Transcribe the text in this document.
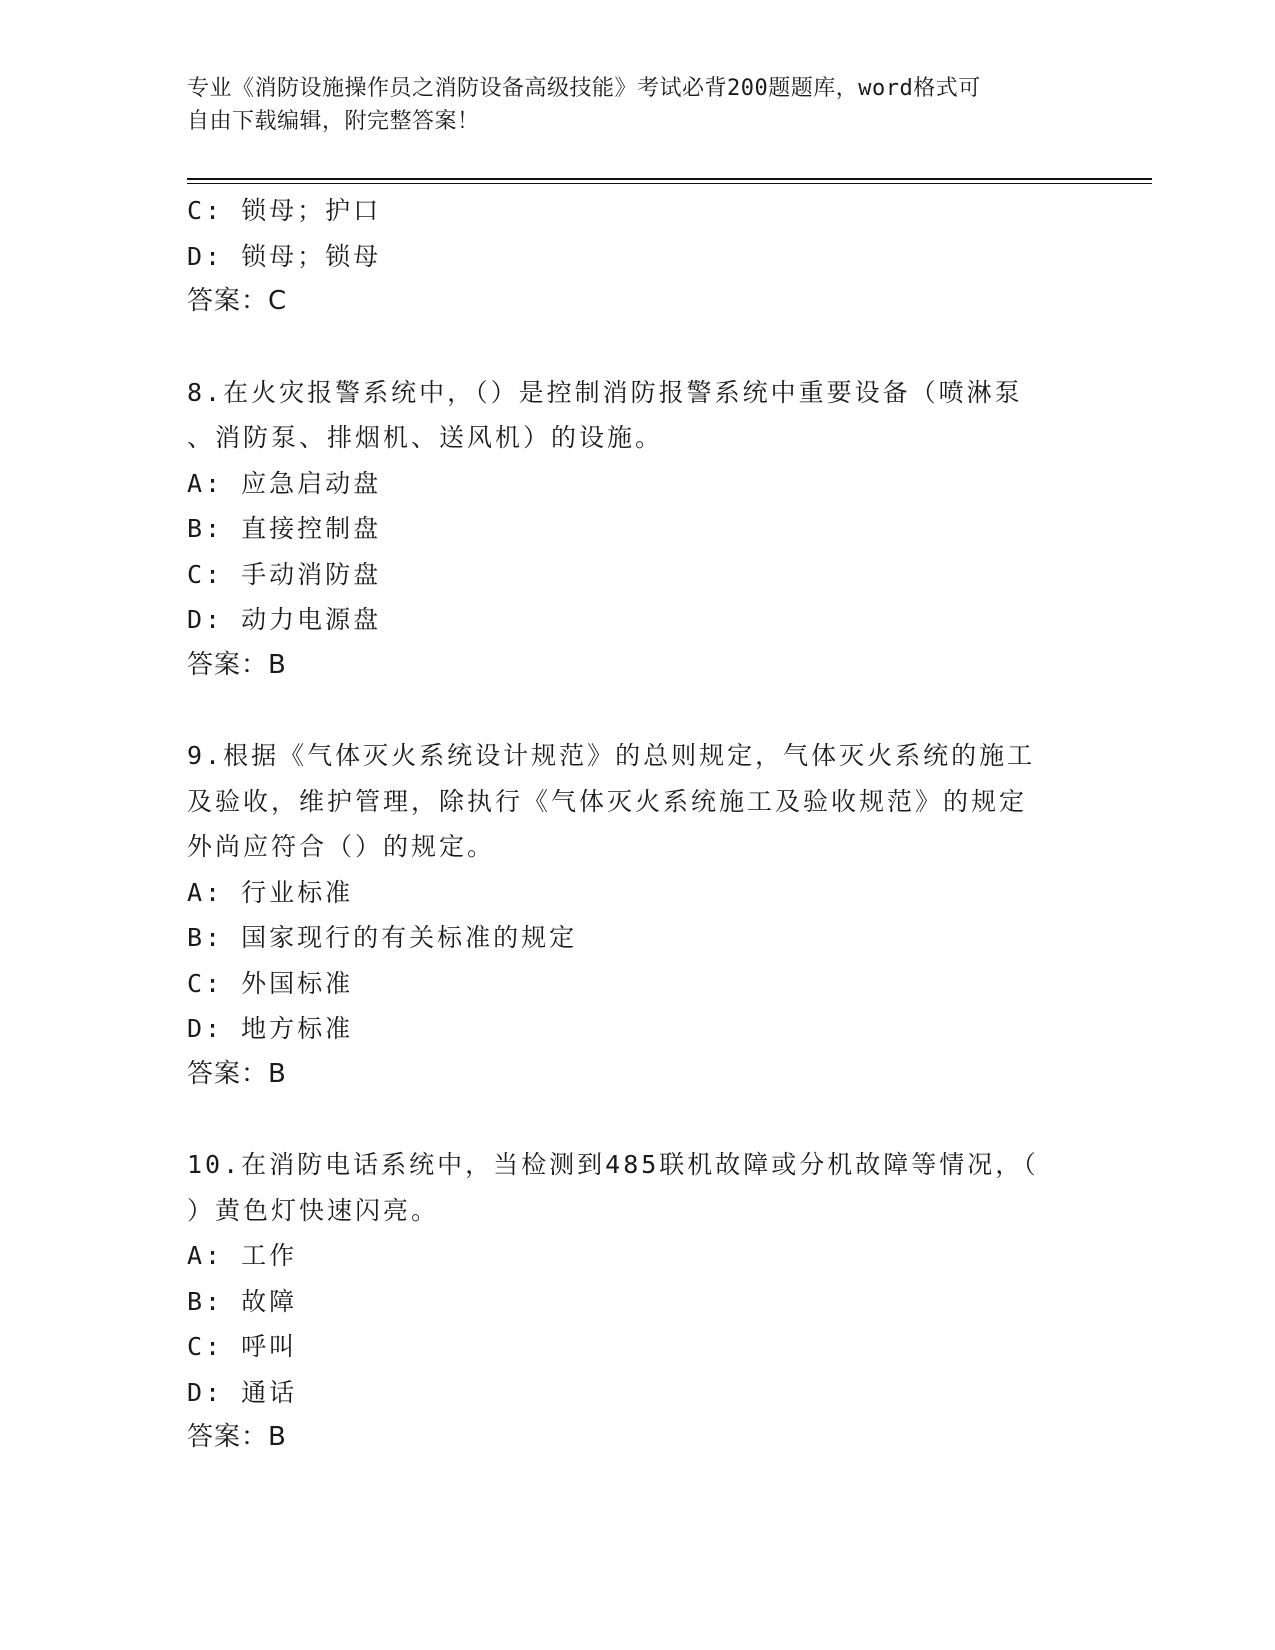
专业《消防设施操作员之消防设备高级技能》考试必背200题题库，word格式可
自由下载编辑，附完整答案！
C: 锁母；护口
D: 锁母；锁母
答案：C
8.在火灾报警系统中，（）是控制消防报警系统中重要设备（喷淋泵
、消防泵、排烟机、送风机）的设施。
A: 应急启动盘
B: 直接控制盘
C: 手动消防盘
D: 动力电源盘
答案：B
9.根据《气体灭火系统设计规范》的总则规定，气体灭火系统的施工
及验收，维护管理，除执行《气体灭火系统施工及验收规范》的规定
外尚应符合（）的规定。
A: 行业标准
B: 国家现行的有关标准的规定
C: 外国标准
D: 地方标准
答案：B
10.在消防电话系统中，当检测到485联机故障或分机故障等情况，（
）黄色灯快速闪亮。
A: 工作
B: 故障
C: 呼叫
D: 通话
答案：B
